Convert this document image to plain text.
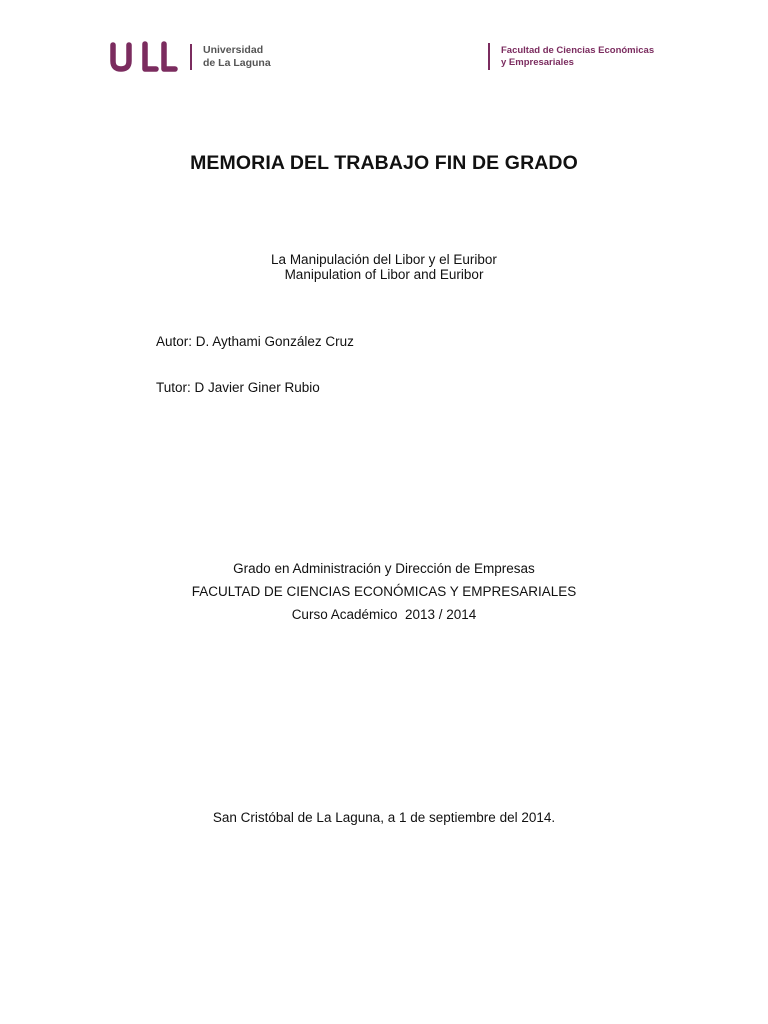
Universidad
de La Laguna
Facultad de Ciencias Económicas
y Empresariales
MEMORIA DEL TRABAJO FIN DE GRADO
La Manipulación del Libor y el Euribor
Manipulation of Libor and Euribor
Autor: D. Aythami González Cruz
Tutor: D Javier Giner Rubio
Grado en Administración y Dirección de Empresas
FACULTAD DE CIENCIAS ECONÓMICAS Y EMPRESARIALES
Curso Académico  2013 / 2014
San Cristóbal de La Laguna, a 1 de septiembre del 2014.
